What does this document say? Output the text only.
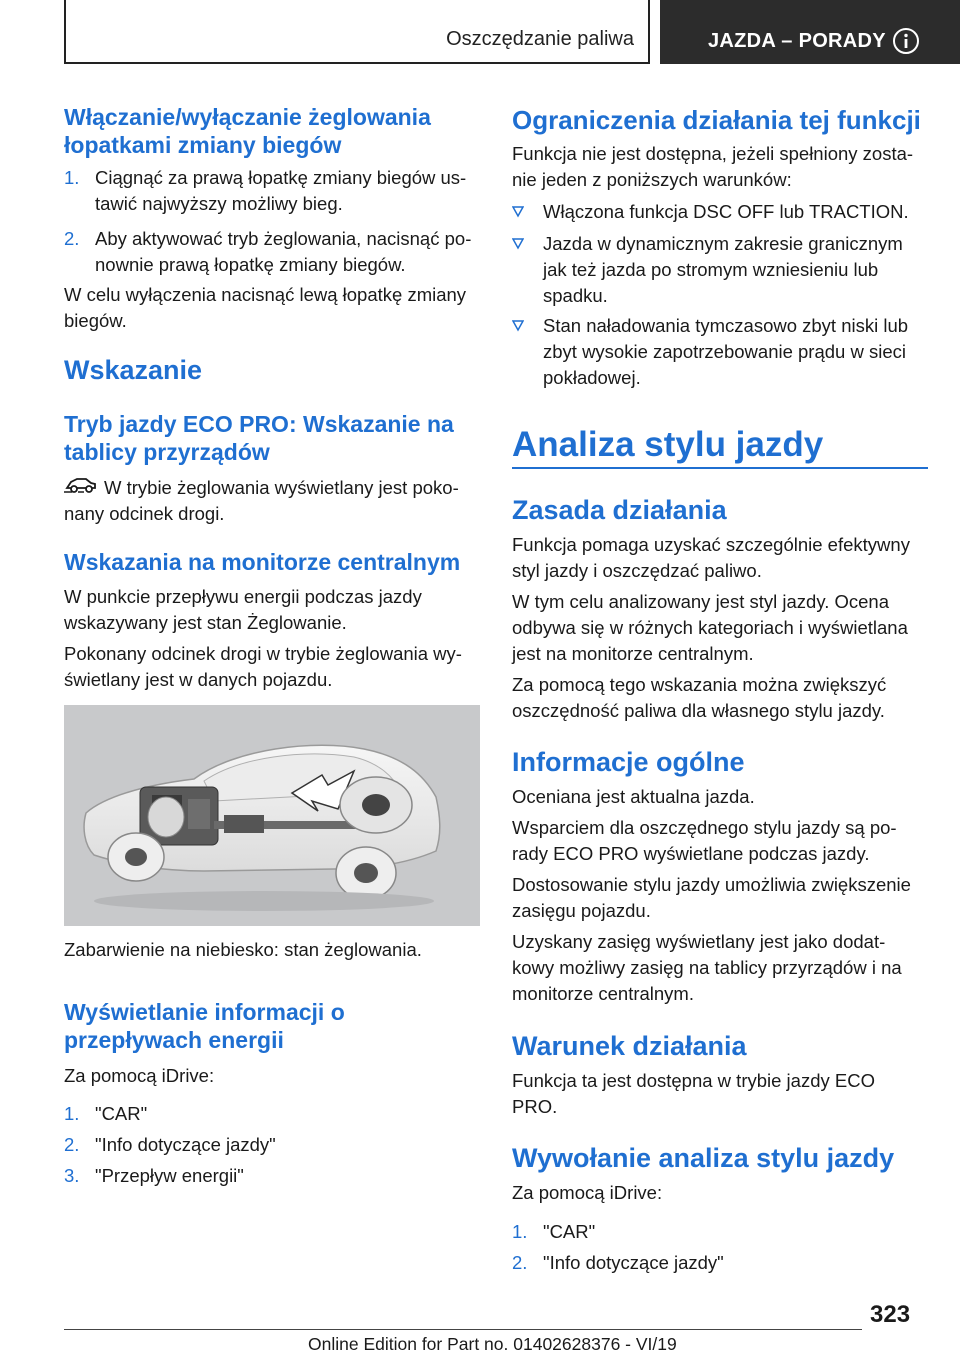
Oszczędzanie paliwa	JAZDA – PORADY
Włączanie/wyłączanie żeglowania
łopatkami zmiany biegów
1. Ciągnąć za prawą łopatkę zmiany biegów us-
tawić najwyższy możliwy bieg.
2. Aby aktywować tryb żeglowania, nacisnąć po-
nownie prawą łopatkę zmiany biegów.
W celu wyłączenia nacisnąć lewą łopatkę zmiany
biegów.
Wskazanie
Tryb jazdy ECO PRO: Wskazanie na
tablicy przyrządów
W trybie żeglowania wyświetlany jest poko-
nany odcinek drogi.
Wskazania na monitorze centralnym
W punkcie przepływu energii podczas jazdy
wskazywany jest stan Żeglowanie.
Pokonany odcinek drogi w trybie żeglowania wy-
świetlany jest w danych pojazdu.
Zabarwienie na niebiesko: stan żeglowania.
Wyświetlanie informacji o
przepływach energii
Za pomocą iDrive:
1. "CAR"
2. "Info dotyczące jazdy"
3. "Przepływ energii"
Ograniczenia działania tej funkcji
Funkcja nie jest dostępna, jeżeli spełniony zosta-
nie jeden z poniższych warunków:
Włączona funkcja DSC OFF lub TRACTION.
Jazda w dynamicznym zakresie granicznym
jak też jazda po stromym wzniesieniu lub
spadku.
Stan naładowania tymczasowo zbyt niski lub
zbyt wysokie zapotrzebowanie prądu w sieci
pokładowej.
Analiza stylu jazdy
Zasada działania
Funkcja pomaga uzyskać szczególnie efektywny
styl jazdy i oszczędzać paliwo.
W tym celu analizowany jest styl jazdy. Ocena
odbywa się w różnych kategoriach i wyświetlana
jest na monitorze centralnym.
Za pomocą tego wskazania można zwiększyć
oszczędność paliwa dla własnego stylu jazdy.
Informacje ogólne
Oceniana jest aktualna jazda.
Wsparciem dla oszczędnego stylu jazdy są po-
rady ECO PRO wyświetlane podczas jazdy.
Dostosowanie stylu jazdy umożliwia zwiększenie
zasięgu pojazdu.
Uzyskany zasięg wyświetlany jest jako dodat-
kowy możliwy zasięg na tablicy przyrządów i na
monitorze centralnym.
Warunek działania
Funkcja ta jest dostępna w trybie jazdy ECO
PRO.
Wywołanie analiza stylu jazdy
Za pomocą iDrive:
1. "CAR"
2. "Info dotyczące jazdy"
323
Online Edition for Part no. 01402628376 - VI/19
